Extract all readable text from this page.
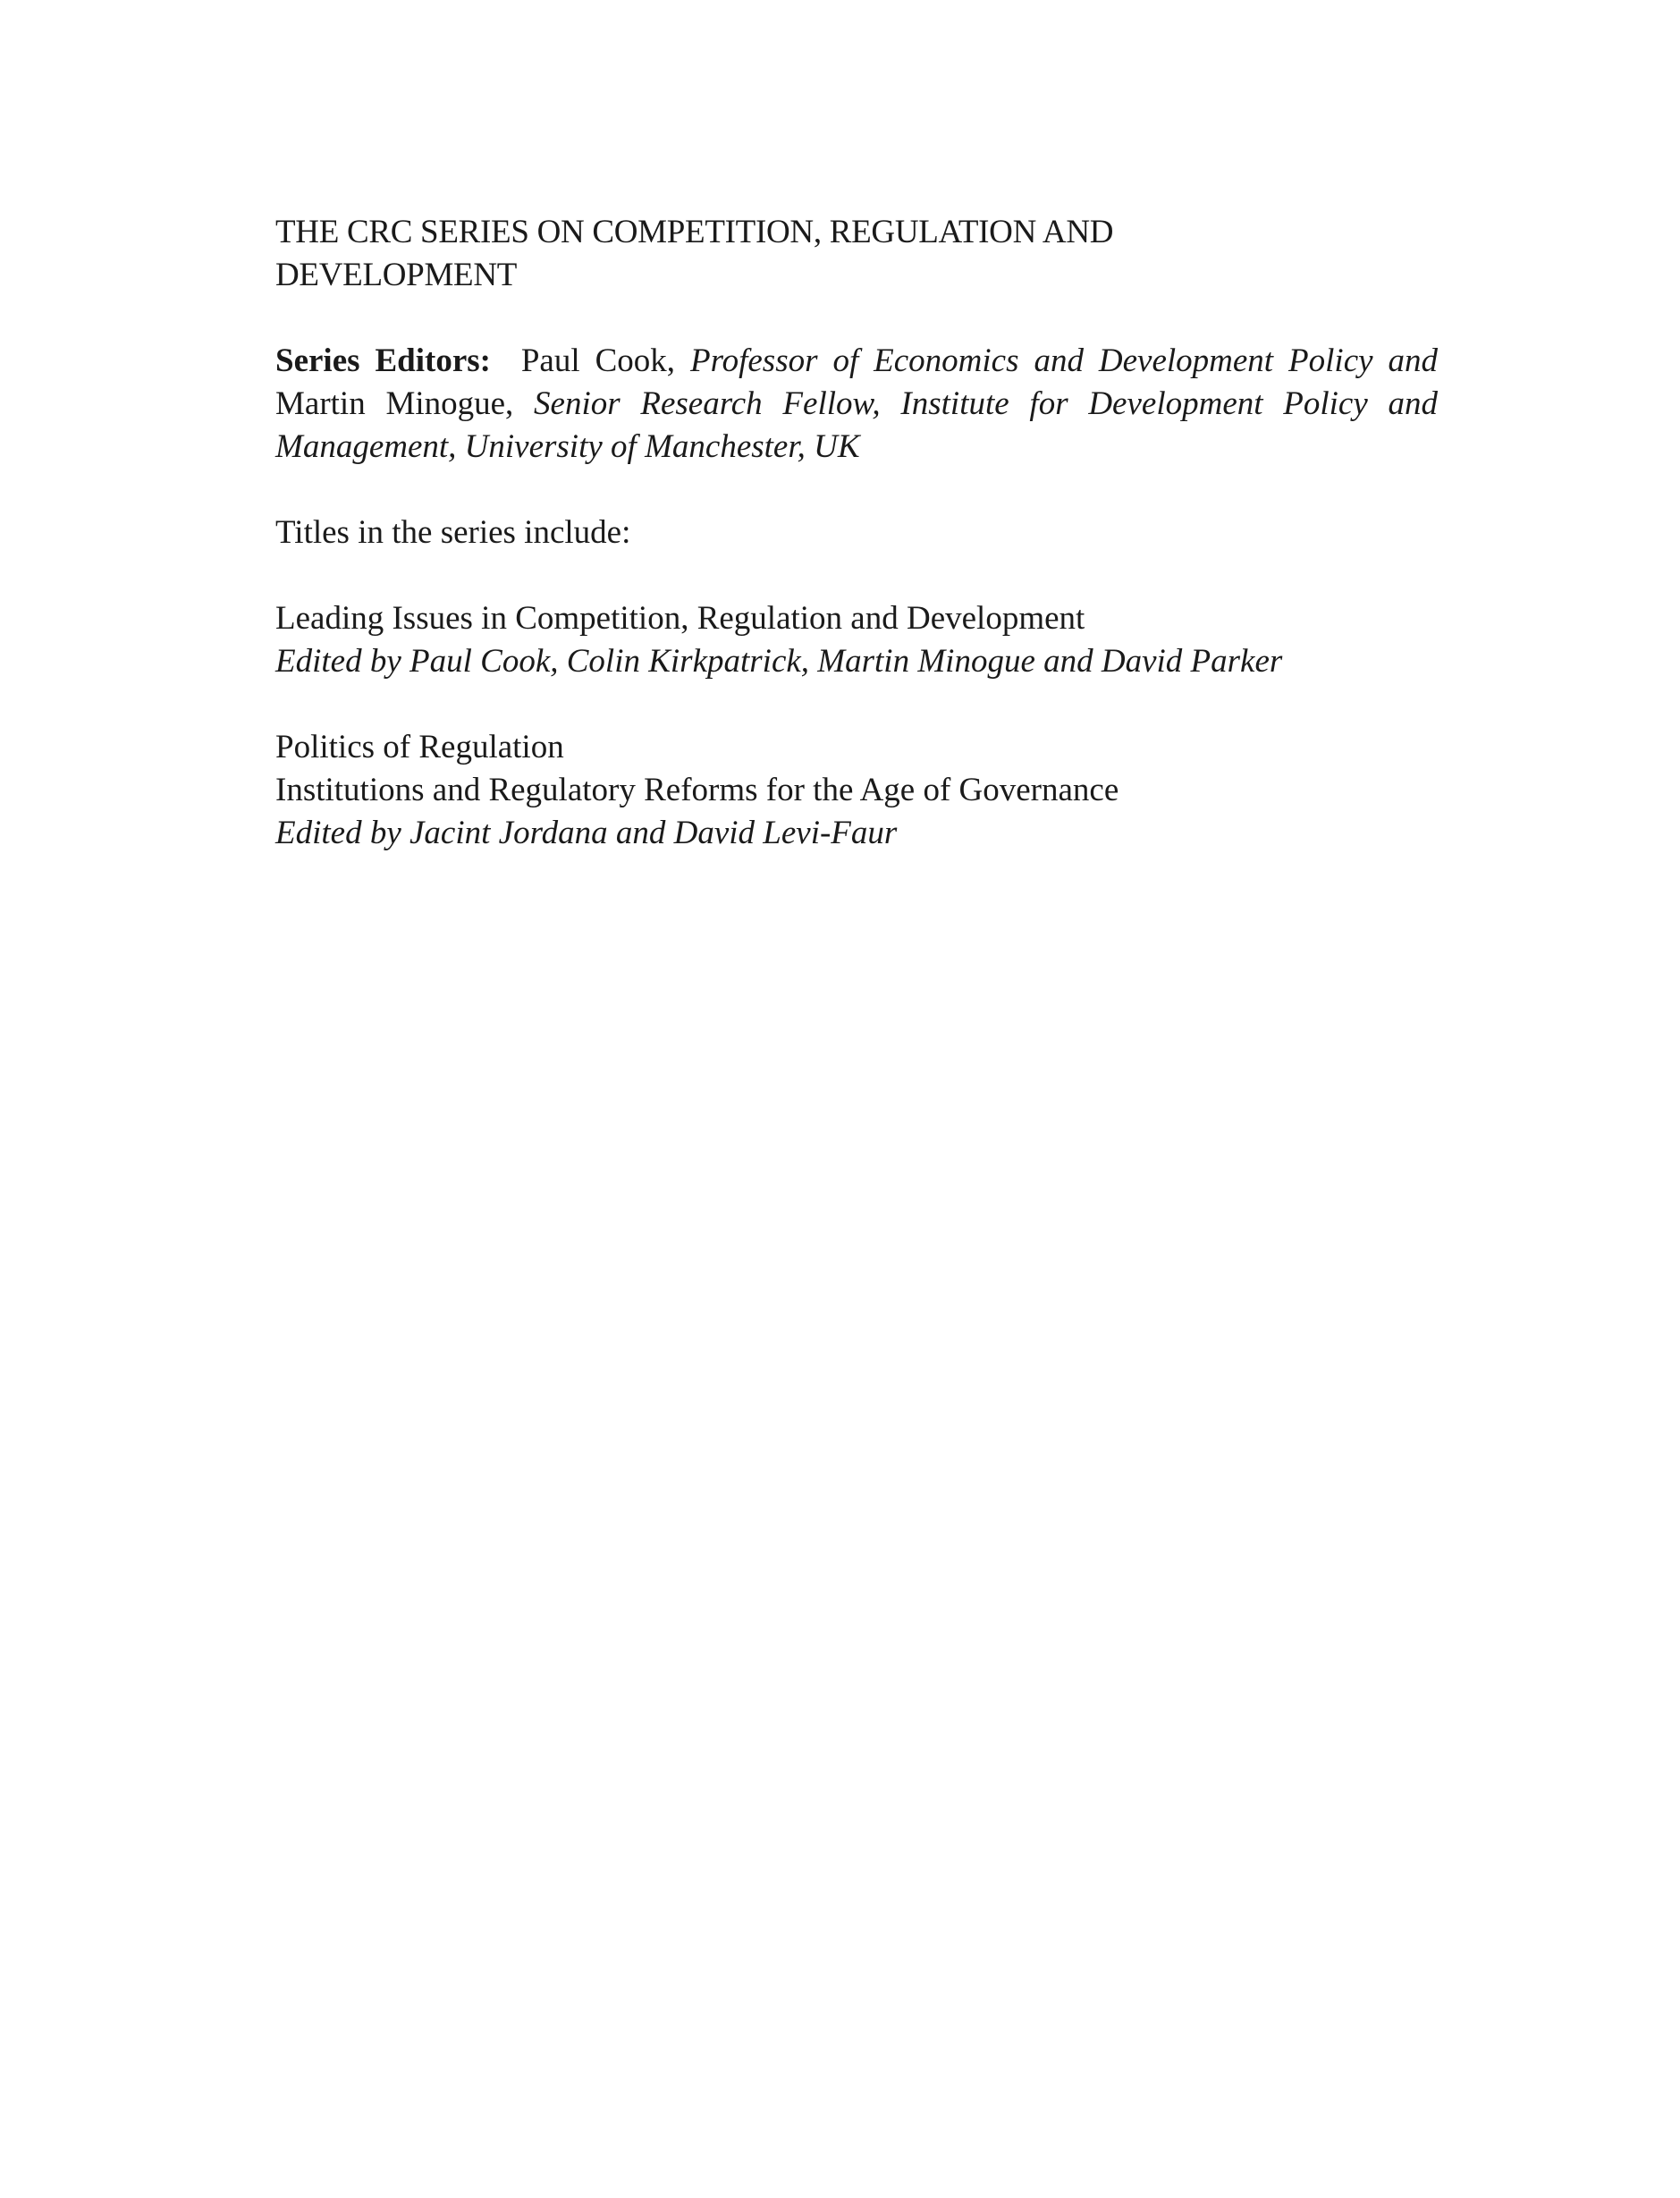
THE CRC SERIES ON COMPETITION, REGULATION AND
DEVELOPMENT
Series Editors: Paul Cook, Professor of Economics and Development Policy and Martin Minogue, Senior Research Fellow, Institute for Development Policy and Management, University of Manchester, UK
Titles in the series include:
Leading Issues in Competition, Regulation and Development
Edited by Paul Cook, Colin Kirkpatrick, Martin Minogue and David Parker
Politics of Regulation
Institutions and Regulatory Reforms for the Age of Governance
Edited by Jacint Jordana and David Levi-Faur
